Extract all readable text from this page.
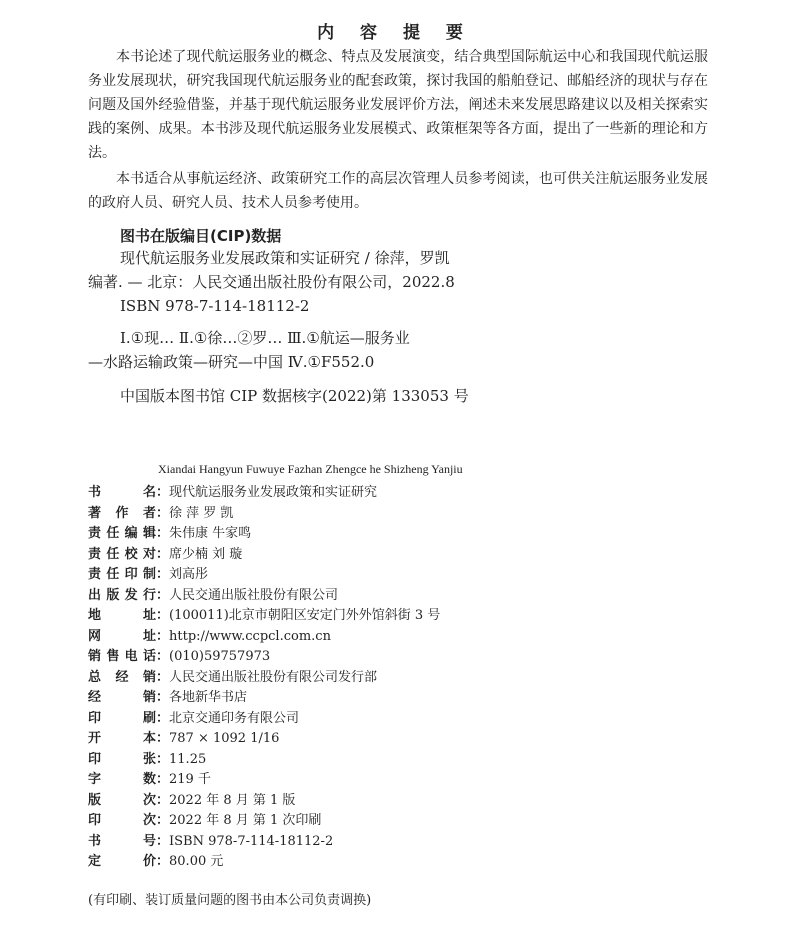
内 容 提 要

本书论述了现代航运服务业的概念、特点及发展演变，结合典型国际航运中心和我国现代航运服务业发展现状，研究我国现代航运服务业的配套政策，探讨我国的船舶登记、邮船经济的现状与存在问题及国外经验借鉴，并基于现代航运服务业发展评价方法，阐述未来发展思路建议以及相关探索实践的案例、成果。本书涉及现代航运服务业发展模式、政策框架等各方面，提出了一些新的理论和方法。

本书适合从事航运经济、政策研究工作的高层次管理人员参考阅读，也可供关注航运服务业发展的政府人员、研究人员、技术人员参考使用。

图书在版编目(CIP)数据
现代航运服务业发展政策和实证研究 / 徐萍，罗凯
编著. — 北京：人民交通出版社股份有限公司，2022.8
ISBN 978-7-114-18112-2
Ⅰ.①现… Ⅱ.①徐…②罗… Ⅲ.①航运—服务业
—水路运输政策—研究—中国 Ⅳ.①F552.0
中国版本图书馆 CIP 数据核字(2022)第 133053 号
Xiandai Hangyun Fuwuye Fazhan Zhengce he Shizheng Yanjiu
书	名 ： 现代航运服务业发展政策和实证研究
著 作 者 ： 徐 萍 罗 凯
责 任 编 辑 ： 朱伟康 牛家鸣
责 任 校 对 ： 席少楠 刘 璇
责 任 印 制 ： 刘高彤
出 版 发 行 ： 人民交通出版社股份有限公司
地	址 ： (100011)北京市朝阳区安定门外外馆斜街 3 号
网	址 ： http://www.ccpcl.com.cn
销 售 电 话 ： (010)59757973
总 经 销 ： 人民交通出版社股份有限公司发行部
经	销 ： 各地新华书店
印	刷 ： 北京交通印务有限公司
开	本 ： 787 × 1092 1/16
印	张 ： 11.25
字	数 ： 219 千
版	次 ： 2022 年 8 月 第 1 版
印	次 ： 2022 年 8 月 第 1 次印刷
书	号 ： ISBN 978-7-114-18112-2
定	价 ： 80.00 元
(有印刷、装订质量问题的图书由本公司负责调换)
